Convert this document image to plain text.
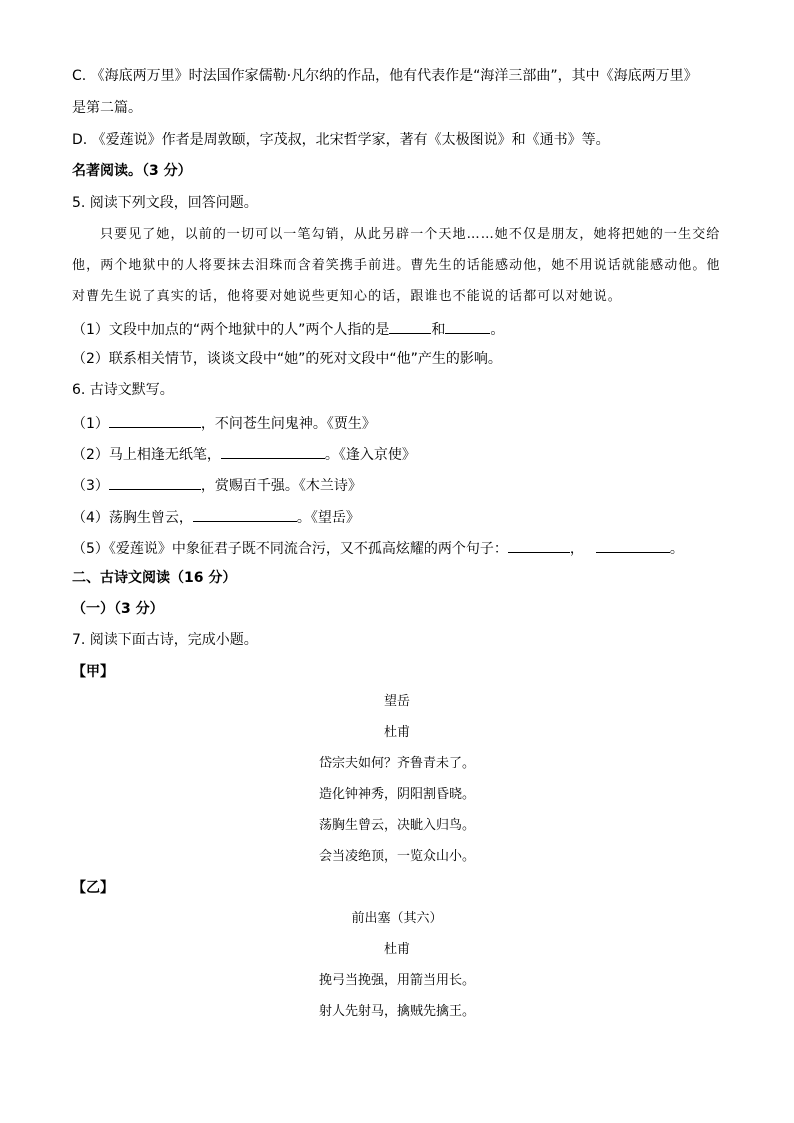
C. 《海底两万里》时法国作家儒勒·凡尔纳的作品，他有代表作是“海洋三部曲”，其中《海底两万里》
是第二篇。
D. 《爱莲说》作者是周敦颐，字茂叔，北宋哲学家，著有《太极图说》和《通书》等。
名著阅读。（3 分）
5. 阅读下列文段，回答问题。
只要见了她，以前的一切可以一笔勾销，从此另辟一个天地……她不仅是朋友，她将把她的一生交给
他，两个地狱中的人将要抹去泪珠而含着笑携手前进。曹先生的话能感动他，她不用说话就能感动他。他
对曹先生说了真实的话，他将要对她说些更知心的话，跟谁也不能说的话都可以对她说。
（1）文段中加点的“两个地狱中的人”两个人指的是	和	。
（2）联系相关情节，谈谈文段中“她”的死对文段中“他”产生的影响。
6. 古诗文默写。
（1）	，不问苍生问鬼神。《贾生》
（2）马上相逢无纸笔，	。《逢入京使》
（3）	，赏赐百千强。《木兰诗》
（4）荡胸生曾云，	。《望岳》
（5）《爱莲说》中象征君子既不同流合污，又不孤高炫耀的两个句子：	，	。
二、古诗文阅读（16 分）
（一）（3 分）
7. 阅读下面古诗，完成小题。
【甲】
望岳
杜甫
岱宗夫如何？齐鲁青未了。
造化钟神秀，阴阳割昏晓。
荡胸生曾云，决眦入归鸟。
会当凌绝顶，一览众山小。
【乙】
前出塞（其六）
杜甫
挽弓当挽强，用箭当用长。
射人先射马，擒贼先擒王。
